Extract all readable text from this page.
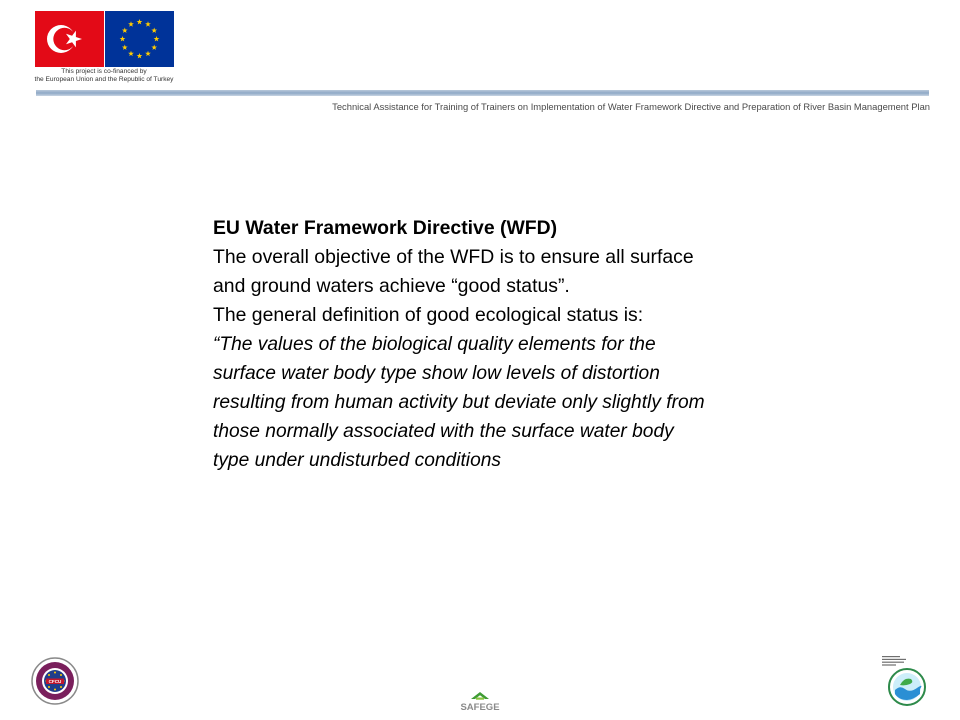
This project is co-financed by
the European Union and the Republic of Turkey
Technical Assistance for Training of Trainers on Implementation of Water Framework Directive and Preparation of River Basin Management Plan
EU Water Framework Directive (WFD)
The overall objective of the WFD is to ensure all surface
and ground waters achieve “good status”.
The general definition of good ecological status is:
“The values of the biological quality elements for the
surface water body type show low levels of distortion
resulting from human activity but deviate only slightly from
those normally associated with the surface water body
type under undisturbed conditions
CFCU
SAFEGE
